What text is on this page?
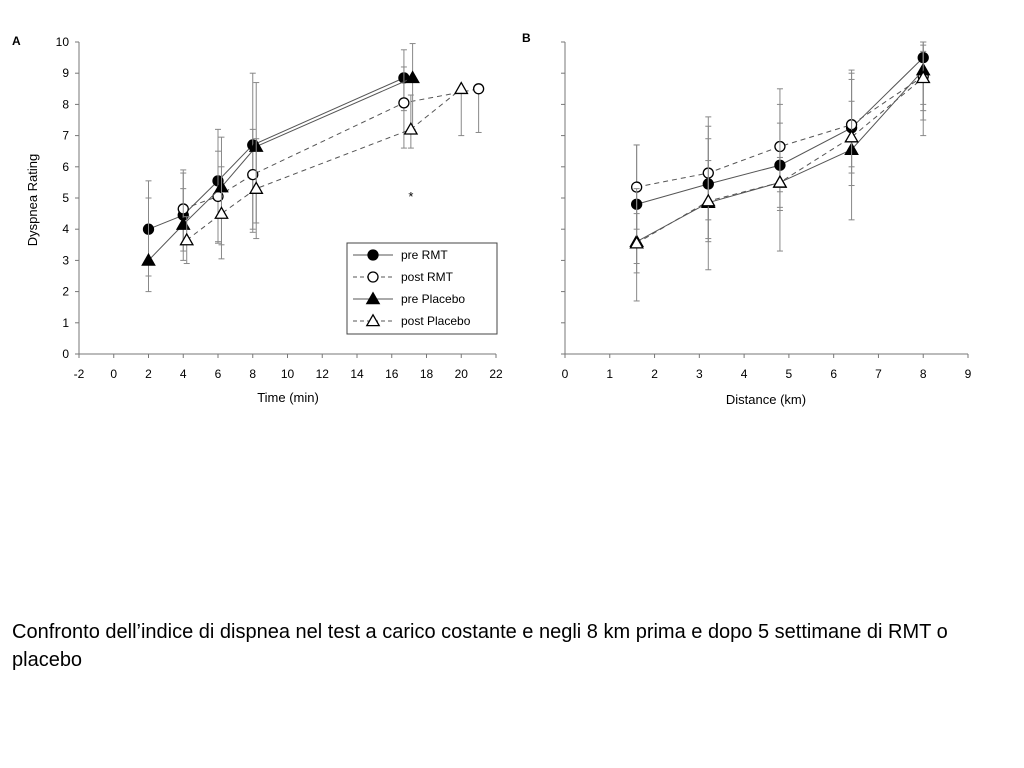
A	B
-2 0 2 4 6 8 10 12 14 16 18 20 22
0
1
2
3
4
5
6
7
8
9
10
*
pre RMT
post RMT
pre Placebo
post Placebo
0	1	2	3	4	5	6	7	8	9
Time (min)
Dyspnea Rating
Distance (km)
Confronto dell’indice di dispnea nel test a carico costante e negli 8 km prima e dopo 5 settimane di RMT o placebo
